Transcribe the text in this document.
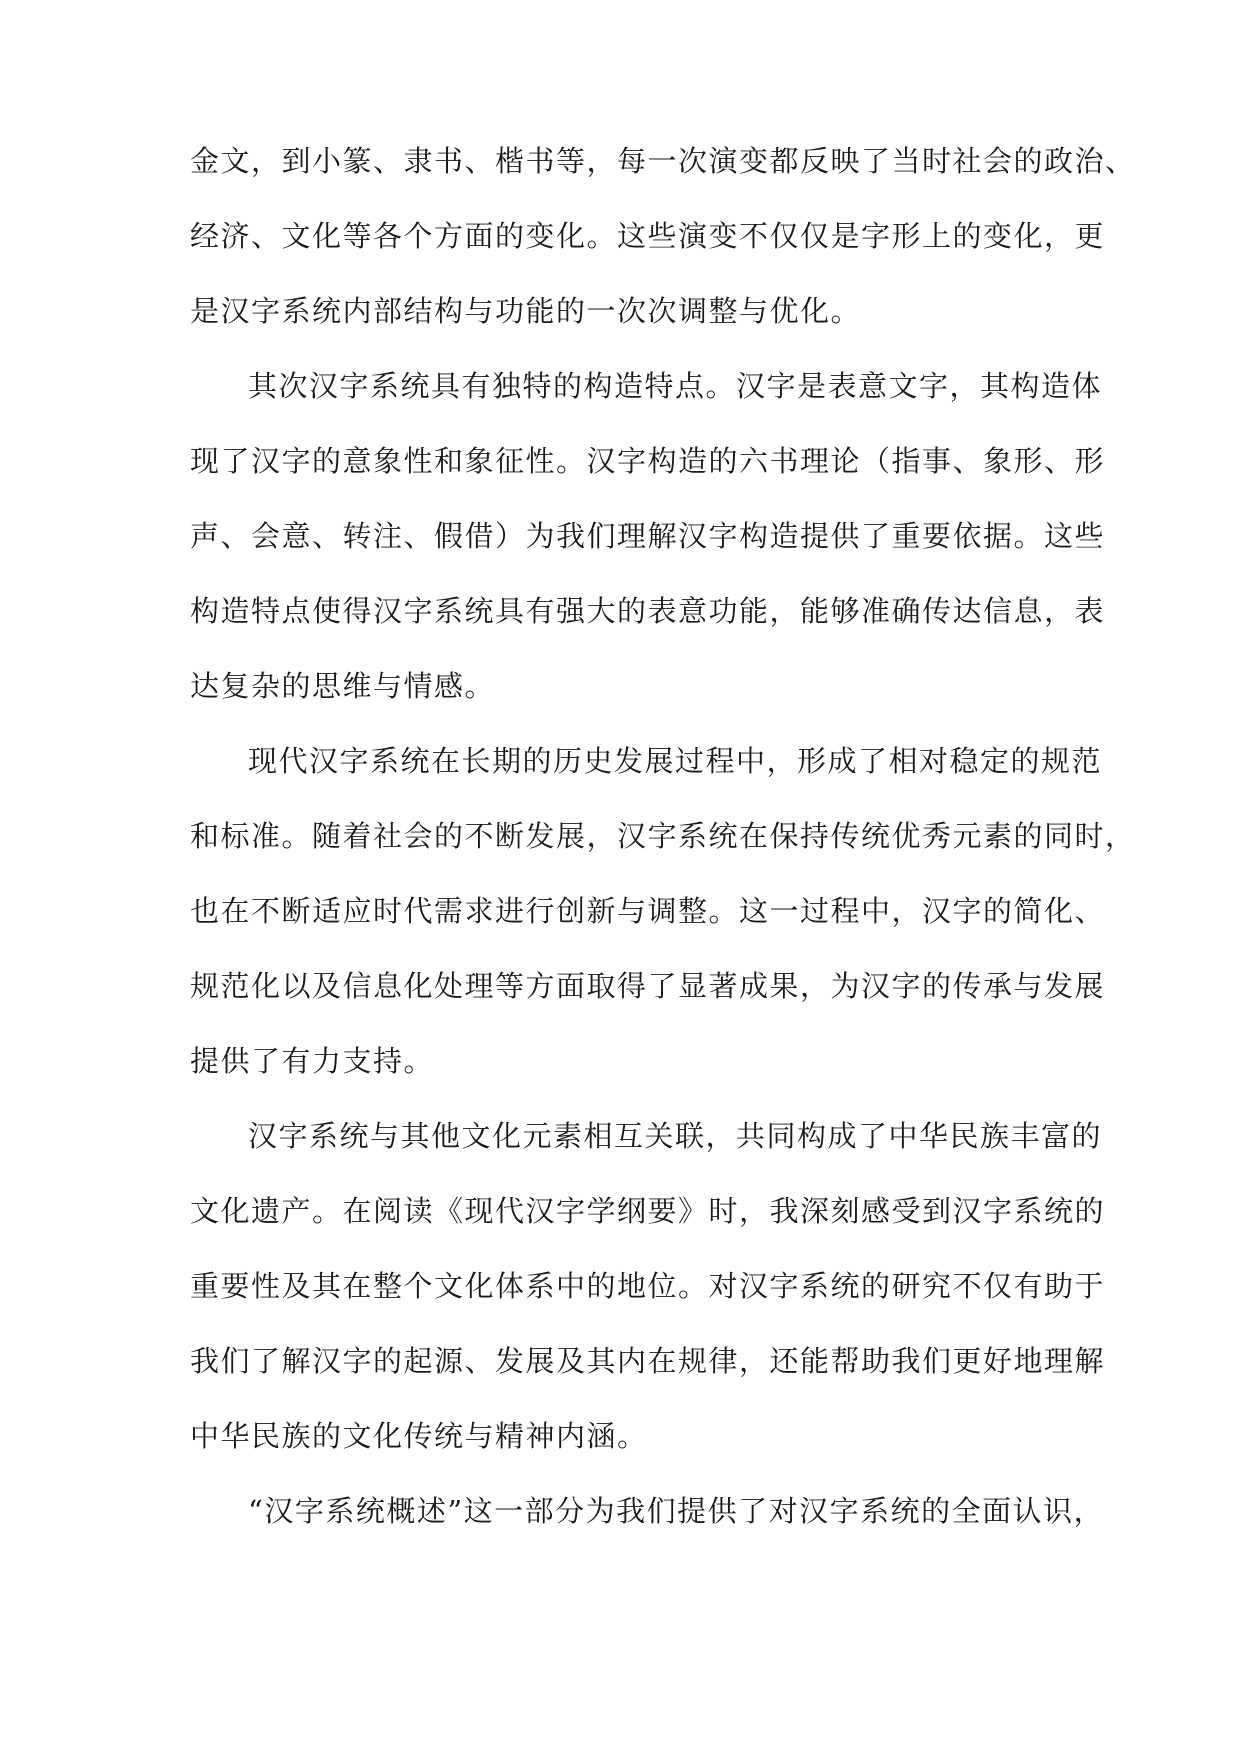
金文，到小篆、隶书、楷书等，每一次演变都反映了当时社会的政治、
经济、文化等各个方面的变化。这些演变不仅仅是字形上的变化，更
是汉字系统内部结构与功能的一次次调整与优化。
其次汉字系统具有独特的构造特点。汉字是表意文字，其构造体
现了汉字的意象性和象征性。汉字构造的六书理论（指事、象形、形
声、会意、转注、假借）为我们理解汉字构造提供了重要依据。这些
构造特点使得汉字系统具有强大的表意功能，能够准确传达信息，表
达复杂的思维与情感。
现代汉字系统在长期的历史发展过程中，形成了相对稳定的规范
和标准。随着社会的不断发展，汉字系统在保持传统优秀元素的同时，
也在不断适应时代需求进行创新与调整。这一过程中，汉字的简化、
规范化以及信息化处理等方面取得了显著成果，为汉字的传承与发展
提供了有力支持。
汉字系统与其他文化元素相互关联，共同构成了中华民族丰富的
文化遗产。在阅读《现代汉字学纲要》时，我深刻感受到汉字系统的
重要性及其在整个文化体系中的地位。对汉字系统的研究不仅有助于
我们了解汉字的起源、发展及其内在规律，还能帮助我们更好地理解
中华民族的文化传统与精神内涵。
“汉字系统概述”这一部分为我们提供了对汉字系统的全面认识，
